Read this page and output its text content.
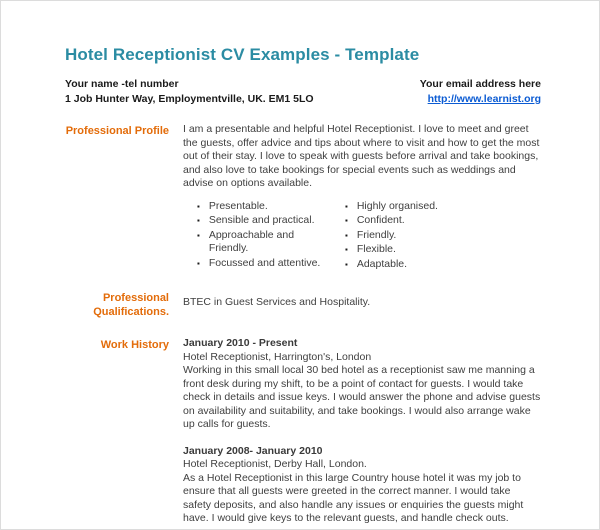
Hotel Receptionist CV Examples - Template
Your name -tel number
1 Job Hunter Way, Employmentville, UK. EM1 5LO
Your email address here
http://www.learnist.org
Professional Profile I am a presentable and helpful Hotel Receptionist. I love to meet and greet the guests, offer advice and tips about where to visit and how to get the most out of their stay. I love to speak with guests before arrival and take bookings, and also love to take bookings for special events such as weddings and advise on options available.
▪ Presentable.
▪ Sensible and practical.
▪ Approachable and Friendly.
▪ Focussed and attentive.
▪ Highly organised.
▪ Confident.
▪ Friendly.
▪ Flexible.
▪ Adaptable.
Professional Qualifications.
BTEC in Guest Services and Hospitality.
Work History January 2010 - Present
Hotel Receptionist, Harrington's, London
Working in this small local 30 bed hotel as a receptionist saw me manning a front desk during my shift, to be a point of contact for guests. I would take check in details and issue keys. I would answer the phone and advise guests on availability and suitability, and take bookings. I would also arrange wake up calls for guests.
January 2008- January 2010
Hotel Receptionist, Derby Hall, London.
As a Hotel Receptionist in this large Country house hotel it was my job to ensure that all guests were greeted in the correct manner. I would take safety deposits, and also handle any issues or enquiries the guests might have. I would give keys to the relevant guests, and handle check outs.
